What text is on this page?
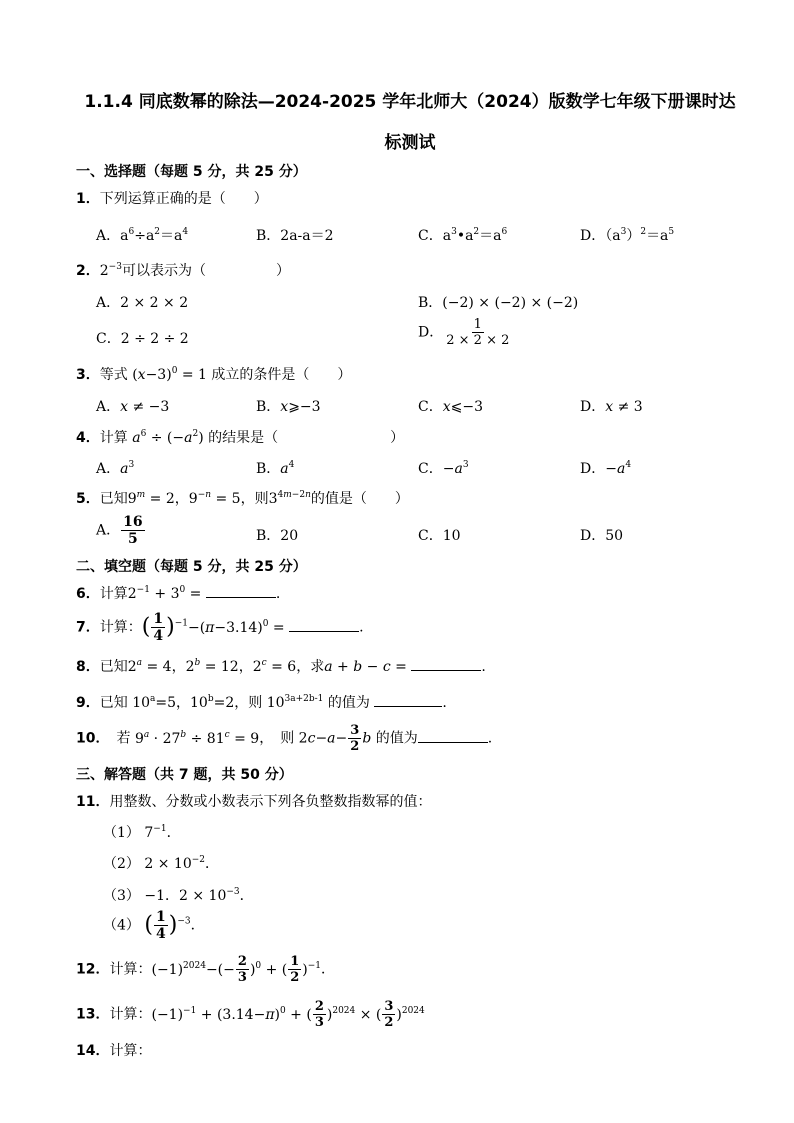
1.1.4 同底数幂的除法—2024-2025 学年北师大（2024）版数学七年级下册课时达
标测试
一、选择题（每题 5 分，共 25 分）
1．下列运算正确的是（　　）
A．$a^6\div a^2=a^4$	B．2a-a＝2	C．$a^3•a^2=a^6$	D．$(a^3)^2=a^5$
2．$2^{-3}$可以表示为（　　　　　）
A．2 × 2 × 2	B．(−2) × (−2) × (−2)
C．2 ÷ 2 ÷ 2	D． $\frac{1}{2 \times 2 \times 2}$
3．等式 $(x-3)^0 = 1$ 成立的条件是（　　）
A．x ≠ −3	B．x⩾−3	C．x⩽−3	D．x ≠ 3
4．计算 $a^6 \div (-a^2)$ 的结果是（　　　　　　　　）
A．$a^3$	B．$a^4$	C．$-a^3$	D．$-a^4$
5．已知$9^m = 2$，$9^{-n} = 5$，则$3^{4m-2n}$的值是（　　）
A． $\frac{16}{5}$	B．20	C．10	D．50
二、填空题（每题 5 分，共 25 分）
6．计算$2^{-1} + 3^0$ =	.
7．计算：( $\frac{1}{4} )^{-1}-(\pi-3.14)^0$ =	.
8．已知$2^a = 4$，$2^b = 12$，$2^c = 6$，求a + b − c =	.
9．已知 $10^a=5$，$10^b=2$，则 $10^{3a+2b-1}$ 的值为	.
10．　 若 $9^a \cdot 27^b \div 81^c = 9$，　则 $2c-a- \frac{3}{2}$ b 的值为	.
三、解答题（共 7 题，共 50 分）
11．用整数、分数或小数表示下列各负整数指数幂的值：
（1） $7^{-1}$．
（2） $2 \times 10^{-2}$．
（3） −1．$2 \times 10^{-3}$．
（4） ( $\frac{1}{4} )^{-3}$．
12．计算：$(-1)^{2024}-(- \frac{2}{3} )^0$ + ( $\frac{1}{2} )^{-1}$．
13．计算：$(-1)^{-1} + (3.14-\pi)^0$ + ( $\frac{2}{3} )^{2024}$ × ( $\frac{3}{2} )^{2024}$
14．计算：
